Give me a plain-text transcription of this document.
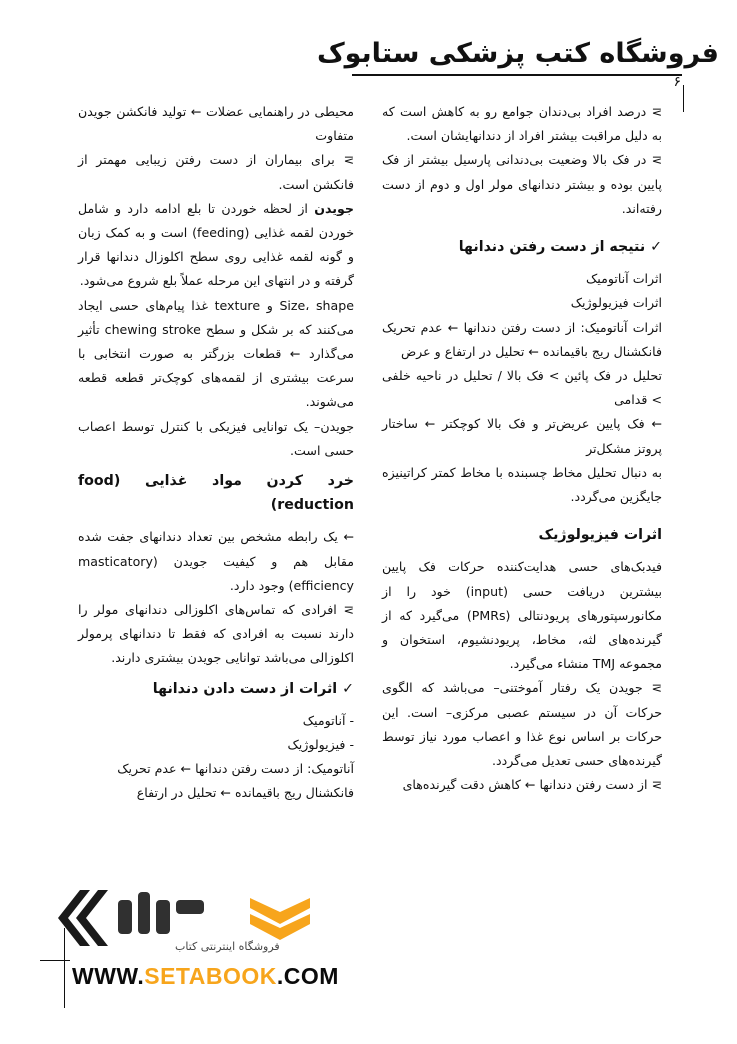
فروشگاه کتب پزشکی ستابوک
۶

⋝ درصد افراد بی‌دندان جوامع رو به کاهش است که به دلیل مراقبت بیشتر افراد از دندانهایشان است.

⋝ در فک بالا وضعیت بی‌دندانی پارسیل بیشتر از فک پایین بوده و بیشتر دندانهای مولر اول و دوم از دست رفته‌اند.

✓ نتیجه از دست رفتن دندانها

اثرات آناتومیک

اثرات فیزیولوژیک

اثرات آناتومیک: از دست رفتن دندانها ← عدم تحریک فانکشنال ریج باقیمانده ← تحلیل در ارتفاع و عرض

تحلیل در فک پائین > فک بالا / تحلیل در ناحیه خلفی > قدامی

← فک پایین عریض‌تر و فک بالا کوچکتر ← ساختار پروتز مشکل‌تر

به دنبال تحلیل مخاط چسبنده با مخاط کمتر کراتینیزه جایگزین می‌گردد.

اثرات فیزیولوژیک

فیدبک‌های حسی هدایت‌کننده حرکات فک پایین بیشترین دریافت حسی (input) خود را از مکانورسپتورهای پریودنتالی (PMRs) می‌گیرد که از گیرنده‌های لثه، مخاط، پریودنشیوم، استخوان و مجموعه TMJ منشاء می‌گیرد.

⋝ جویدن یک رفتار آموختنی– می‌باشد که الگوی حرکات آن در سیستم عصبی مرکزی– است. این حرکات بر اساس نوع غذا و اعصاب مورد نیاز توسط گیرنده‌های حسی تعدیل می‌گردد.

⋝ از دست رفتن دندانها ← کاهش دقت گیرنده‌های

محیطی در راهنمایی عضلات ← تولید فانکشن جویدن متفاوت

⋝ برای بیماران از دست رفتن زیبایی مهمتر از فانکشن است.

جویدن از لحظه خوردن تا بلع ادامه دارد و شامل خوردن لقمه غذایی (feeding) است و به کمک زبان و گونه لقمه غذایی روی سطح اکلوزال دندانها قرار گرفته و در انتهای این مرحله عملاً بلع شروع می‌شود.

Size، shape و texture غذا پیام‌های حسی ایجاد می‌کنند که بر شکل و سطح chewing stroke تأثیر می‌گذارد ← قطعات بزرگتر به صورت انتخابی با سرعت بیشتری از لقمه‌های کوچک‌تر قطعه قطعه می‌شوند.

جویدن– یک توانایی فیزیکی با کنترل توسط اعصاب حسی است.

خرد کردن مواد غذایی (food reduction)

← یک رابطه مشخص بین تعداد دندانهای جفت شده مقابل هم و کیفیت جویدن (masticatory efficiency) وجود دارد.

⋝ افرادی که تماس‌های اکلوزالی دندانهای مولر را دارند نسبت به افرادی که فقط تا دندانهای پرمولر اکلوزالی می‌باشد توانایی جویدن بیشتری دارند.

✓ اثرات از دست دادن دندانها

- آناتومیک

- فیزیولوژیک

آناتومیک: از دست رفتن دندانها ← عدم تحریک

فانکشنال ریج باقیمانده ← تحلیل در ارتفاع

فروشگاه اینترنتی کتاب
WWW.SETABOOK.COM
